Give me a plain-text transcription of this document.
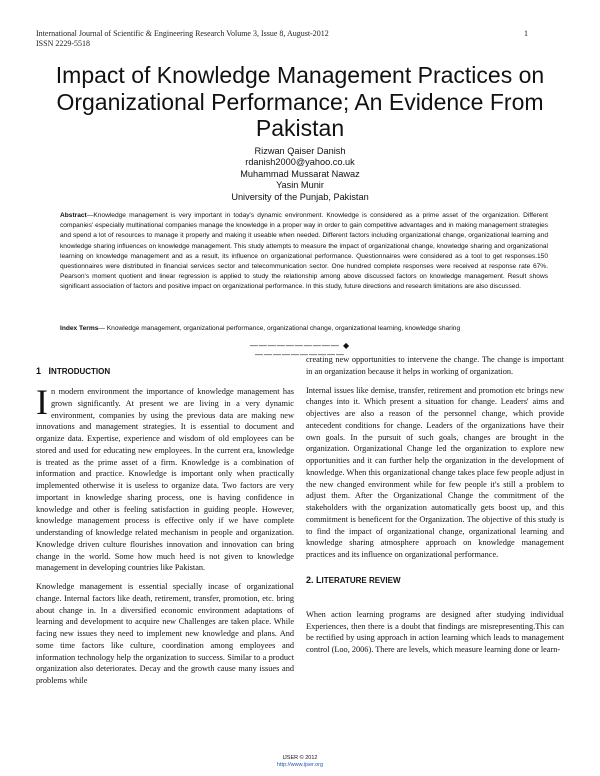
International Journal of Scientific & Engineering Research Volume 3, Issue 8, August-2012
ISSN 2229-5518
1
Impact of Knowledge Management Practices on Organizational Performance; An Evidence From Pakistan
Rizwan Qaiser Danish
rdanish2000@yahoo.co.uk
Muhammad Mussarat Nawaz
Yasin Munir
University of the Punjab, Pakistan
Abstract—Knowledge management is very important in today's dynamic environment. Knowledge is considered as a prime asset of the organization. Different companies' especially multinational companies manage the knowledge in a proper way in order to gain competitive advantages and in making management strategies and spend a lot of resources to manage it properly and making it useable when needed. Different factors including organizational change, organizational learning and knowledge sharing influences on knowledge management. This study attempts to measure the impact of organizational change, knowledge sharing and organizational learning on knowledge management and as a result, its influence on organizational performance. Questionnaires were considered as a tool to get responses.150 questionnaires were distributed in financial services sector and telecommunication sector. One hundred complete responses were received at response rate 67%. Pearson's moment quotient and linear regression is applied to study the relationship among above discussed factors on knowledge management. Result shows significant association of factors and positive impact on organizational performance. In this study, future directions and research limitations are also discussed.
Index Terms— Knowledge management, organizational performance, organizational change, organizational learning, knowledge sharing
—————————— ◆ ——————————
1 INTRODUCTION

In modern environment the importance of knowledge management has grown significantly. At present we are living in a very dynamic environment, companies by using the previous data are making new innovations and management strategies. It is essential to document and organize data. Expertise, experience and wisdom of old employees can be stored and used for educating new employees. In the current era, knowledge is treated as the prime asset of a firm. Knowledge is a combination of information and practice. Knowledge is important only when practically implemented otherwise it is useless to organize data. Two factors are very important in knowledge sharing process, one is having confidence in knowledge and other is feeling satisfaction in guiding people. However, knowledge management process is effective only if we have complete understanding of knowledge related mechanism in people and organization. Knowledge driven culture flourishes innovation and innovation can bring change in the world. Some how much heed is not given to knowledge management in developing countries like Pakistan.

Knowledge management is essential specially incase of organizational change. Internal factors like death, retirement, transfer, promotion, etc. bring about change in. In a diversified economic environment adaptations of learning and development to acquire new Challenges are taken place. While facing new issues they need to implement new knowledge and plans. And some time factors like culture, coordination among employees and information technology help the organization to success. Similar to a product organization also deteriorates. Decay and the growth cause many issues and problems while

creating new opportunities to intervene the change. The change is important in an organization because it helps in working of organization.

Internal issues like demise, transfer, retirement and promotion etc brings new changes into it. Which present a situation for change. Leaders' aims and objectives are also a reason of the personnel change, which provide antecedent conditions for change. Leaders of the organizations have their own goals. In the pursuit of such goals, changes are brought in the organization. Organizational Change led the organization to explore new opportunities and it can further help the organization in the development of knowledge. When this organizational change takes place few people adjust in the new changed environment while for few people it's still a problem to adjust them. After the Organizational Change the commitment of the stakeholders with the organization automatically gets boost up, and this commitment is beneficent for the Organization. The objective of this study is to find the impact of organizational change, organizational learning and knowledge sharing atmosphere approach on knowledge management practices and its influence on organizational performance.

2. LITERATURE REVIEW

When action learning programs are designed after studying individual Experiences, then there is a doubt that findings are misrepresenting.This can be rectified by using approach in action learning which leads to management control (Loo, 2006). There are levels, which measure learning done or learn-

IJSER © 2012
http://www.ijser.org
